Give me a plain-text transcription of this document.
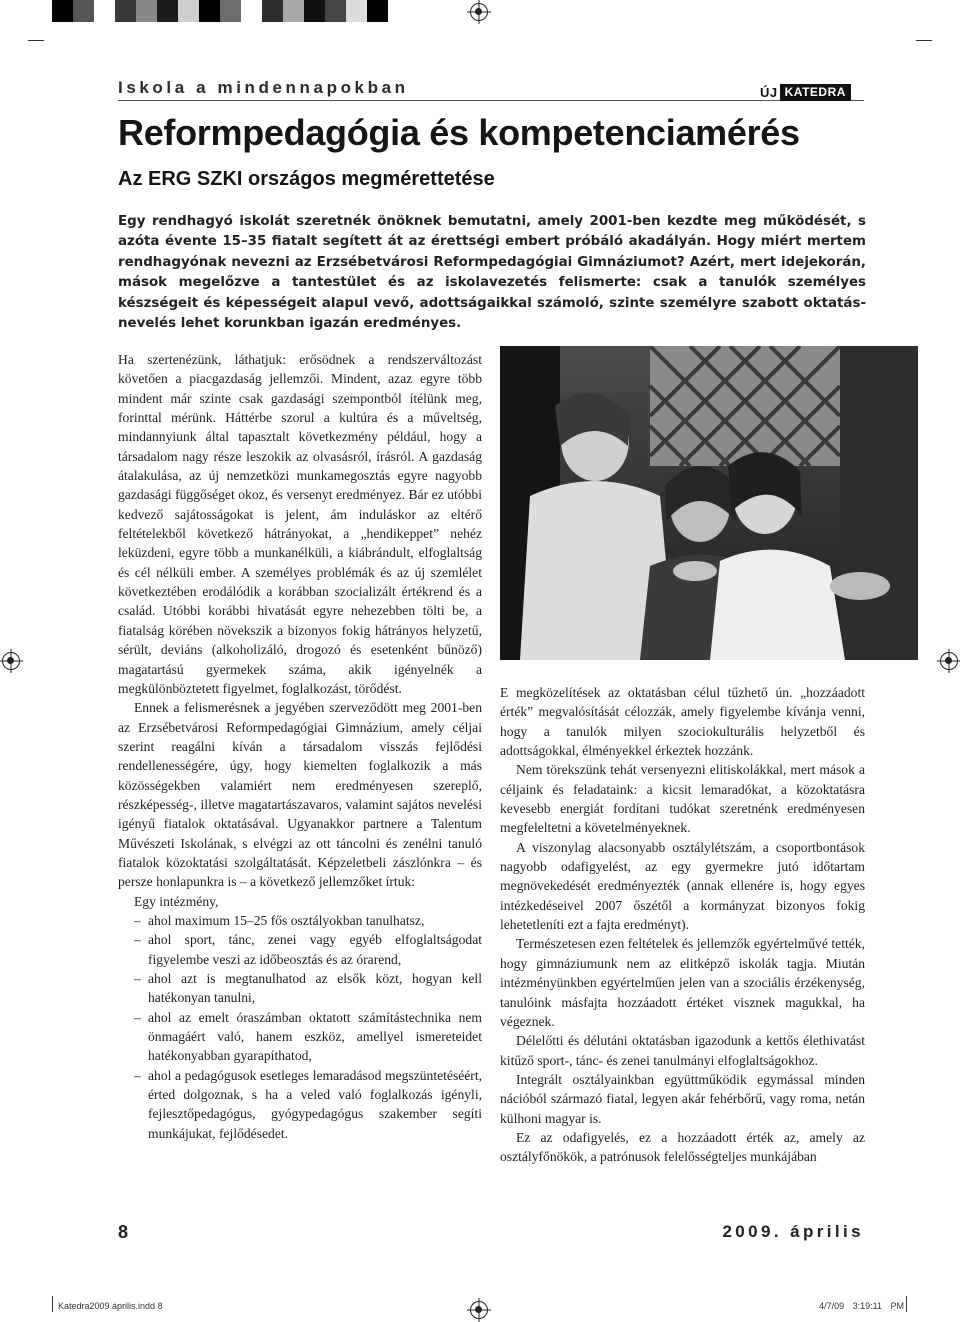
Iskola a mindennapokban	ÚJ KATEDRA
Reformpedagógia és kompetenciamérés
Az ERG SZKI országos megmérettetése
Egy rendhagyó iskolát szeretnék önöknek bemutatni, amely 2001-ben kezdte meg működését, s azóta évente 15–35 fiatalt segített át az érettségi embert próbáló akadályán. Hogy miért mertem rendhagyónak nevezni az Erzsébetvárosi Reformpedagógiai Gimnáziumot? Azért, mert idejekorán, mások megelőzve a tantestület és az iskolavezetés felismerte: csak a tanulók személyes készségeit és képességeit alapul vevő, adottságaikkal számoló, szinte személyre szabott oktatás-nevelés lehet korunkban igazán eredményes.

Ha szertenézünk, láthatjuk: erősödnek a rendszerváltozást követően a piacgazdaság jellemzői. Mindent, azaz egyre több mindent már szinte csak gazdasági szempontból ítélünk meg, forinttal mérünk. Háttérbe szorul a kultúra és a műveltség, mindannyiunk által tapasztalt következmény például, hogy a társadalom nagy része leszokik az olvasásról, írásról. A gazdaság átalakulása, az új nemzetközi munkamegosztás egyre nagyobb gazdasági függőséget okoz, és versenyt eredményez. Bár ez utóbbi kedvező sajátosságokat is jelent, ám induláskor az eltérő feltételekből következő hátrányokat, a „hendikeppet” nehéz leküzdeni, egyre több a munkanélküli, a kiábrándult, elfoglaltság és cél nélküli ember. A személyes problémák és az új szemlélet következtében erodálódik a korábban szocializált értékrend és a család. Utóbbi korábbi hivatását egyre nehezebben tölti be, a fiatalság körében növekszik a bizonyos fokig hátrányos helyzetű, sérült, deviáns (alkoholizáló, drogozó és esetenként bűnöző) magatartású gyermekek száma, akik igényelnék a megkülönböztetett figyelmet, foglalkozást, törődést.

Ennek a felismerésnek a jegyében szerveződött meg 2001-ben az Erzsébetvárosi Reformpedagógiai Gimnázium, amely céljai szerint reagálni kíván a társadalom visszás fejlődési rendellenességére, úgy, hogy kiemelten foglalkozik a más közösségekben valamiért nem eredményesen szereplő, részképesség-, illetve magatartászavaros, valamint sajátos nevelési igényű fiatalok oktatásával. Ugyanakkor partnere a Talentum Művészeti Iskolának, s elvégzi az ott táncolni és zenélni tanuló fiatalok közoktatási szolgáltatását. Képzeletbeli zászlónkra – és persze honlapunkra is – a következő jellemzőket írtuk:

Egy intézmény,

– ahol maximum 15–25 fős osztályokban tanulhatsz,
– ahol sport, tánc, zenei vagy egyéb elfoglaltságodat figyelembe veszi az időbeosztás és az órarend,
– ahol azt is megtanulhatod az elsők közt, hogyan kell hatékonyan tanulni,
– ahol az emelt óraszámban oktatott számítástechnika nem önmagáért való, hanem eszköz, amellyel ismereteidet hatékonyabban gyarapíthatod,
– ahol a pedagógusok esetleges lemaradásod megszüntetéséért, érted dolgoznak, s ha a veled való foglalkozás igényli, fejlesztőpedagógus, gyógypedagógus szakember segíti munkájukat, fejlődésedet.

E megközelítések az oktatásban célul tűzhető ún. „hozzáadott érték” megvalósítását célozzák, amely figyelembe kívánja venni, hogy a tanulók milyen szociokulturális helyzetből és adottságokkal, élményekkel érkeztek hozzánk.

Nem törekszünk tehát versenyezni elitiskolákkal, mert mások a céljaink és feladataink: a kicsit lemaradókat, a közoktatásra kevesebb energiát fordítani tudókat szeretnénk eredményesen megfeleltetni a követelményeknek.

A viszonylag alacsonyabb osztálylétszám, a csoportbontások nagyobb odafigyelést, az egy gyermekre jutó időtartam megnövekedését eredményezték (annak ellenére is, hogy egyes intézkedéseivel 2007 őszétől a kormányzat bizonyos fokig lehetetleníti ezt a fajta eredményt).

Természetesen ezen feltételek és jellemzők egyértelművé tették, hogy gimnáziumunk nem az elitképző iskolák tagja. Miután intézményünkben egyértelműen jelen van a szociális érzékenység, tanulóink másfajta hozzáadott értéket visznek magukkal, ha végeznek.

Délelőtti és délutáni oktatásban igazodunk a kettős élethivatást kitűző sport-, tánc- és zenei tanulmányi elfoglaltságokhoz.

Integrált osztályainkban együttműködik egymással minden nációból származó fiatal, legyen akár fehérbőrű, vagy roma, netán külhoni magyar is.

Ez az odafigyelés, ez a hozzáadott érték az, amely az osztályfőnökök, a patrónusok felelősségteljes munkájában

8	2009. április
Katedra2009 április.indd 8	4/7/09 3:19:11 PM
